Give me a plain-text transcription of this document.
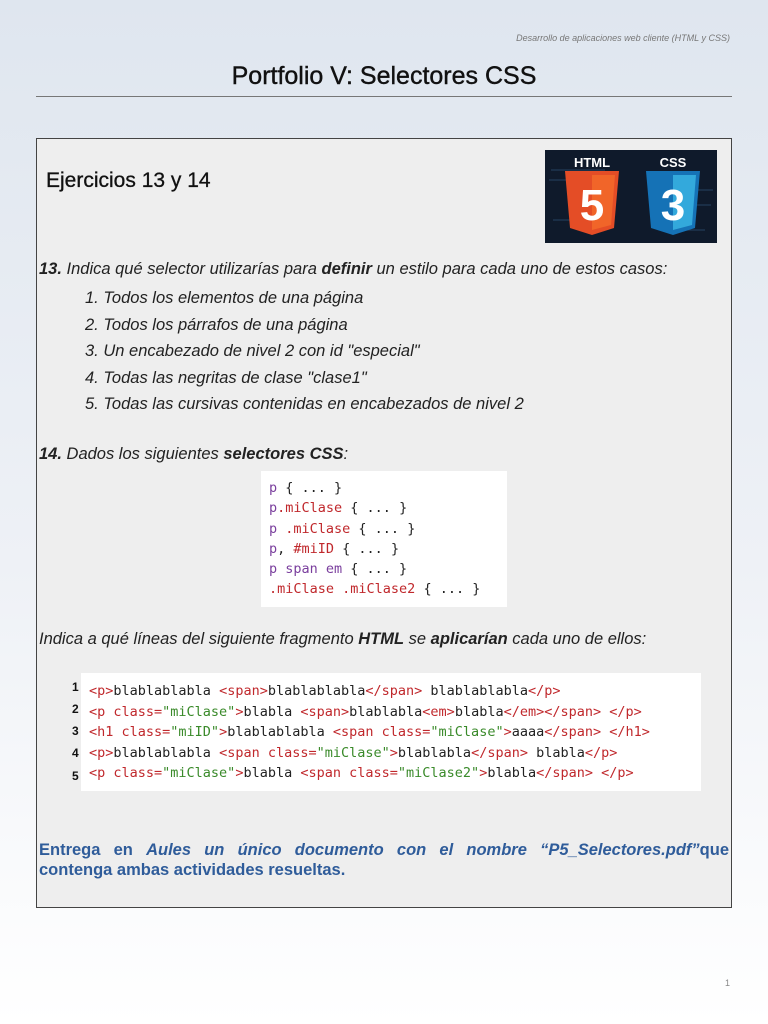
Desarrollo de aplicaciones web cliente (HTML y CSS)
Portfolio V: Selectores CSS
Ejercicios 13 y 14
HTML	CSS
5 3
13. Indica qué selector utilizarías para definir un estilo para cada uno de estos casos:
1. Todos los elementos de una página
2. Todos los párrafos de una página
3. Un encabezado de nivel 2 con id "especial"
4. Todas las negritas de clase "clase1"
5. Todas las cursivas contenidas en encabezados de nivel 2
14. Dados los siguientes selectores CSS:
p { ... }
p.miClase { ... }
p .miClase { ... }
p, #miID { ... }
p span em { ... }
.miClase .miClase2 { ... }
Indica a qué líneas del siguiente fragmento HTML se aplicarían cada uno de ellos:
1
2
3
4
5
<p>blablablabla <span>blablablabla</span> blablablabla</p>
<p class="miClase">blabla <span>blablabla<em>blabla</em></span> </p>
<h1 class="miID">blablablabla <span class="miClase">aaaa</span> </h1>
<p>blablablabla <span class="miClase">blablabla</span> blabla</p>
<p class="miClase">blabla <span class="miClase2">blabla</span> </p>
Entrega en Aules un único documento con el nombre “P5_Selectores.pdf”que contenga ambas actividades resueltas.
1
